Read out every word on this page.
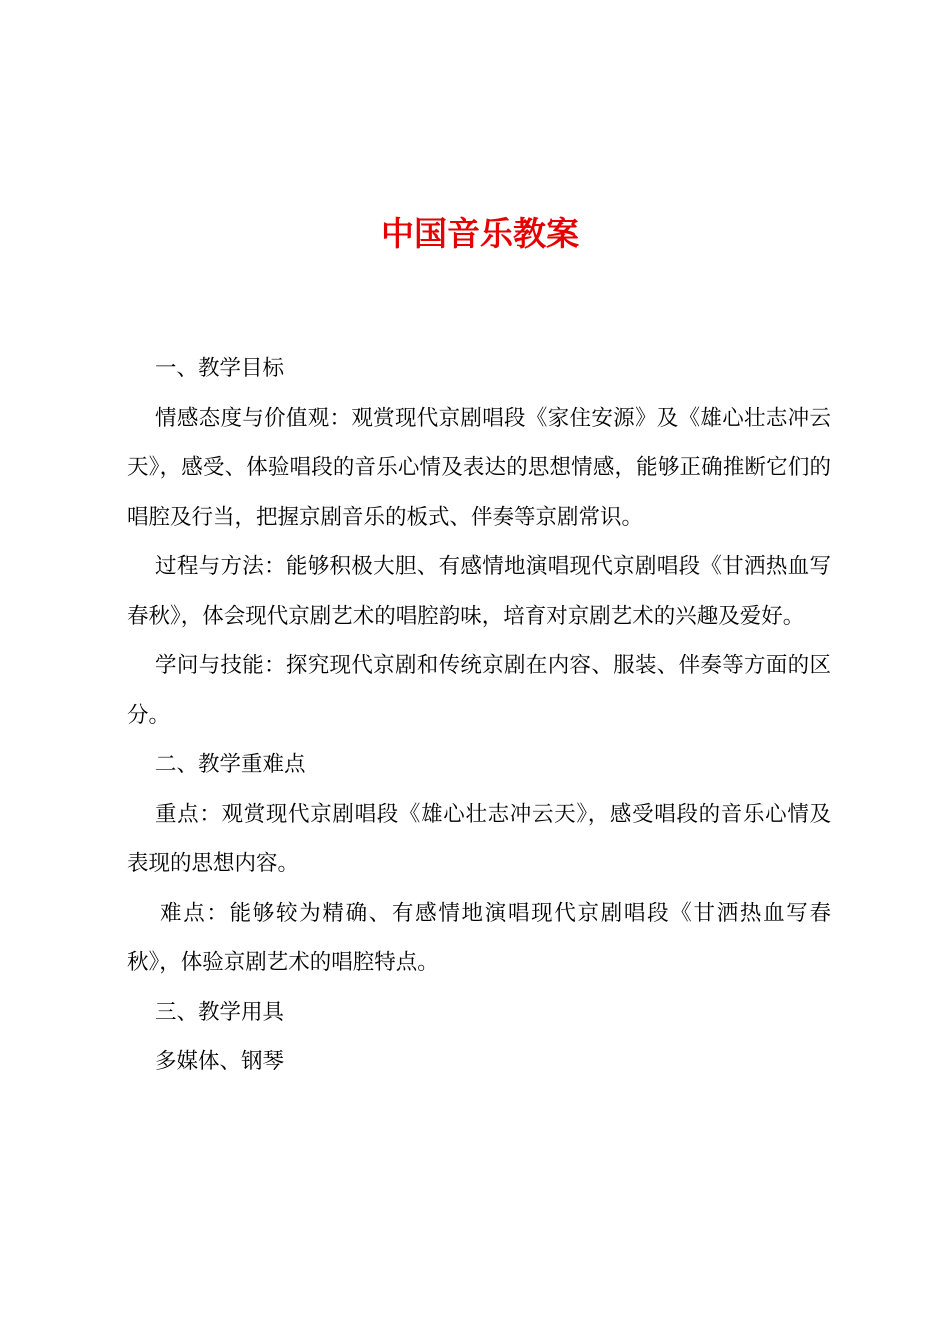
中国音乐教案

一、教学目标

情感态度与价值观：观赏现代京剧唱段《家住安源》及《雄心壮志冲云天》，感受、体验唱段的音乐心情及表达的思想情感，能够正确推断它们的唱腔及行当，把握京剧音乐的板式、伴奏等京剧常识。

过程与方法：能够积极大胆、有感情地演唱现代京剧唱段《甘洒热血写春秋》，体会现代京剧艺术的唱腔韵味，培育对京剧艺术的兴趣及爱好。

学问与技能：探究现代京剧和传统京剧在内容、服装、伴奏等方面的区分。

二、教学重难点

重点：观赏现代京剧唱段《雄心壮志冲云天》，感受唱段的音乐心情及表现的思想内容。

难点：能够较为精确、有感情地演唱现代京剧唱段《甘洒热血写春秋》，体验京剧艺术的唱腔特点。

三、教学用具

多媒体、钢琴
